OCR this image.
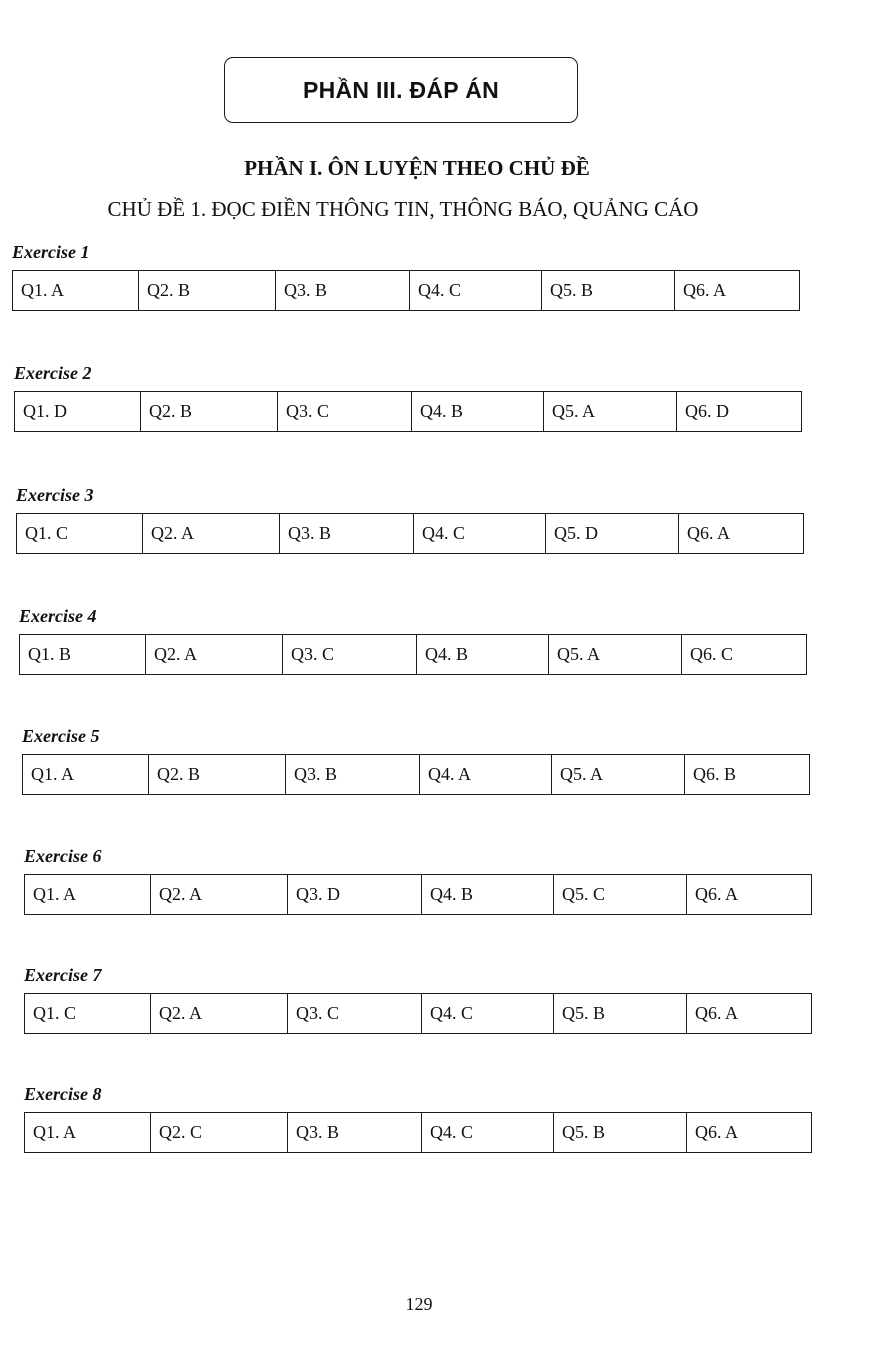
PHẦN III. ĐÁP ÁN
PHẦN I. ÔN LUYỆN THEO CHỦ ĐỀ
CHỦ ĐỀ 1. ĐỌC ĐIỀN THÔNG TIN, THÔNG BÁO, QUẢNG CÁO
Exercise 1
Q1. A	Q2. B	Q3. B	Q4. C	Q5. B	Q6. A
Exercise 2
Q1. D	Q2. B	Q3. C	Q4. B	Q5. A	Q6. D
Exercise 3
Q1. C	Q2. A	Q3. B	Q4. C	Q5. D	Q6. A
Exercise 4
Q1. B	Q2. A	Q3. C	Q4. B	Q5. A	Q6. C
Exercise 5
Q1. A	Q2. B	Q3. B	Q4. A	Q5. A	Q6. B
Exercise 6
Q1. A	Q2. A	Q3. D	Q4. B	Q5. C	Q6. A
Exercise 7
Q1. C	Q2. A	Q3. C	Q4. C	Q5. B	Q6. A
Exercise 8
Q1. A	Q2. C	Q3. B	Q4. C	Q5. B	Q6. A
129
